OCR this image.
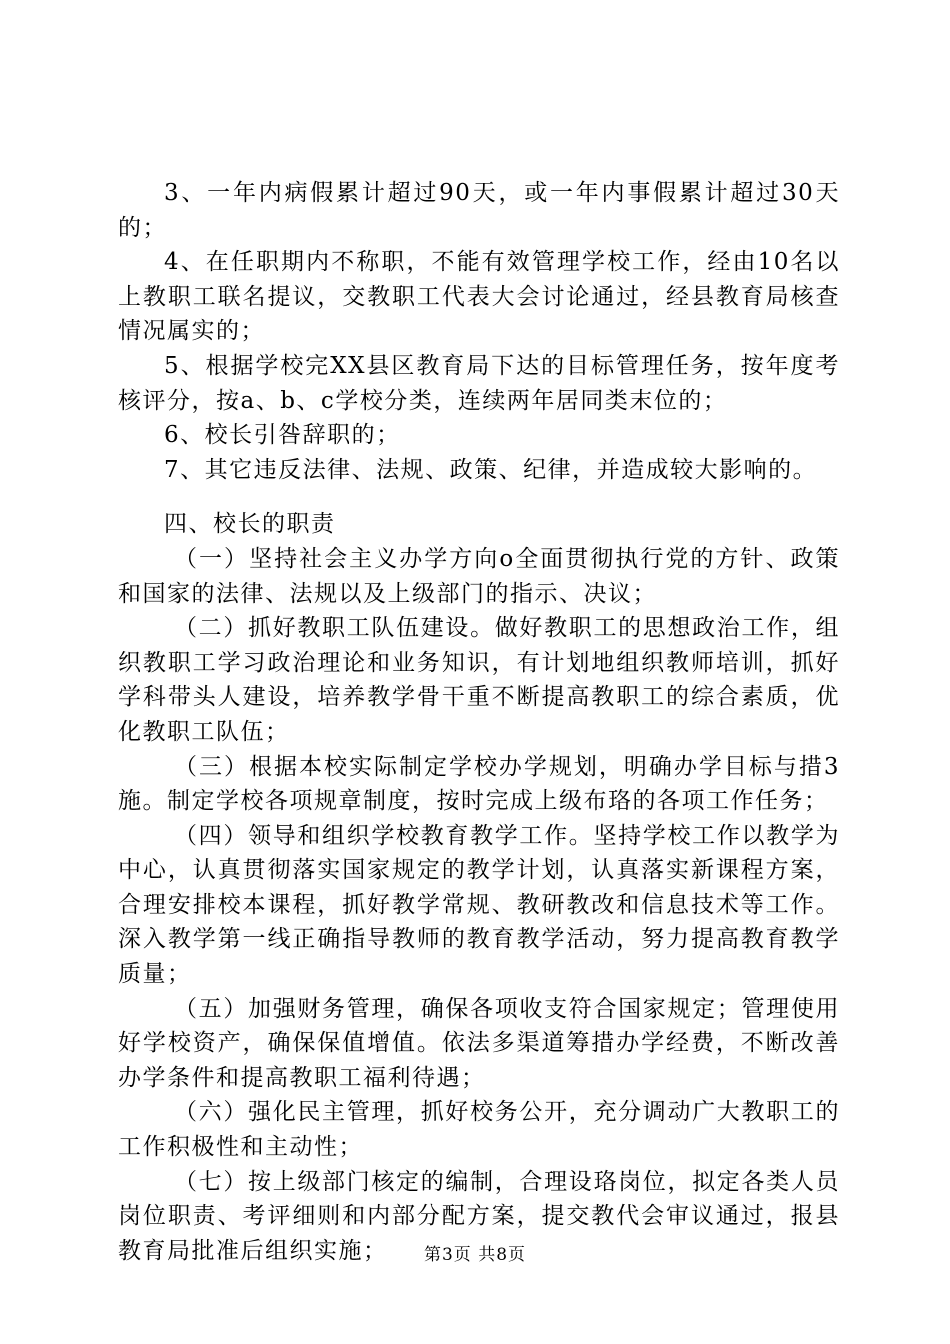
3、一年内病假累计超过90天，或一年内事假累计超过30天的；

4、在任职期内不称职，不能有效管理学校工作，经由10名以上教职工联名提议，交教职工代表大会讨论通过，经县教育局核查情况属实的；

5、根据学校完XX县区教育局下达的目标管理任务，按年度考核评分，按a、b、c学校分类，连续两年居同类末位的；

6、校长引咎辞职的；

7、其它违反法律、法规、政策、纪律，并造成较大影响的。

四、校长的职责

（一）坚持社会主义办学方向o全面贯彻执行党的方针、政策和国家的法律、法规以及上级部门的指示、决议；

（二）抓好教职工队伍建设。做好教职工的思想政治工作，组织教职工学习政治理论和业务知识，有计划地组织教师培训，抓好学科带头人建设，培养教学骨干重不断提高教职工的综合素质，优化教职工队伍；

（三）根据本校实际制定学校办学规划，明确办学目标与措3施。制定学校各项规章制度，按时完成上级布珞的各项工作任务；

（四）领导和组织学校教育教学工作。坚持学校工作以教学为中心，认真贯彻落实国家规定的教学计划，认真落实新课程方案，合理安排校本课程，抓好教学常规、教研教改和信息技术等工作。深入教学第一线正确指导教师的教育教学活动，努力提高教育教学质量；

（五）加强财务管理，确保各项收支符合国家规定；管理使用好学校资产，确保保值增值。依法多渠道筹措办学经费，不断改善办学条件和提高教职工福利待遇；

（六）强化民主管理，抓好校务公开，充分调动广大教职工的工作积极性和主动性；

（七）按上级部门核定的编制，合理设珞岗位，拟定各类人员岗位职责、考评细则和内部分配方案，提交教代会审议通过，报县教育局批准后组织实施；	第3页 共8页
